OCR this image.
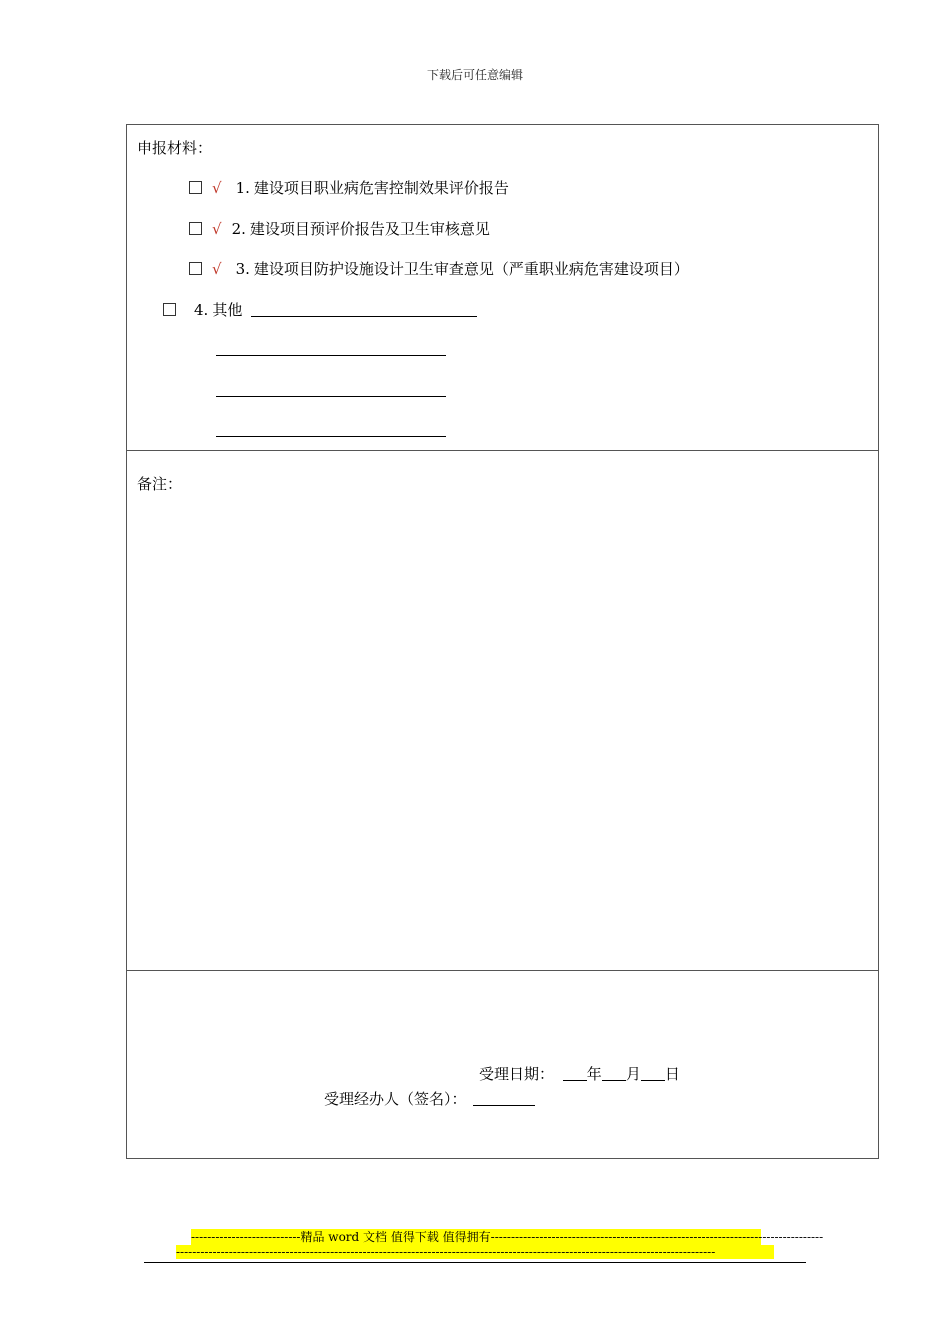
下载后可任意编辑
申报材料：
√ 1. 建设项目职业病危害控制效果评价报告
√ 2. 建设项目预评价报告及卫生审核意见
√ 3. 建设项目防护设施设计卫生审查意见（严重职业病危害建设项目）
4. 其他
备注：
受理日期： 年 月 日
受理经办人（签名）：
---------------------------精品 word 文档 值得下载 值得拥有----------------------------------------------------------------------------------
-------------------------------------------------------------------------------------------------------------------------------------
